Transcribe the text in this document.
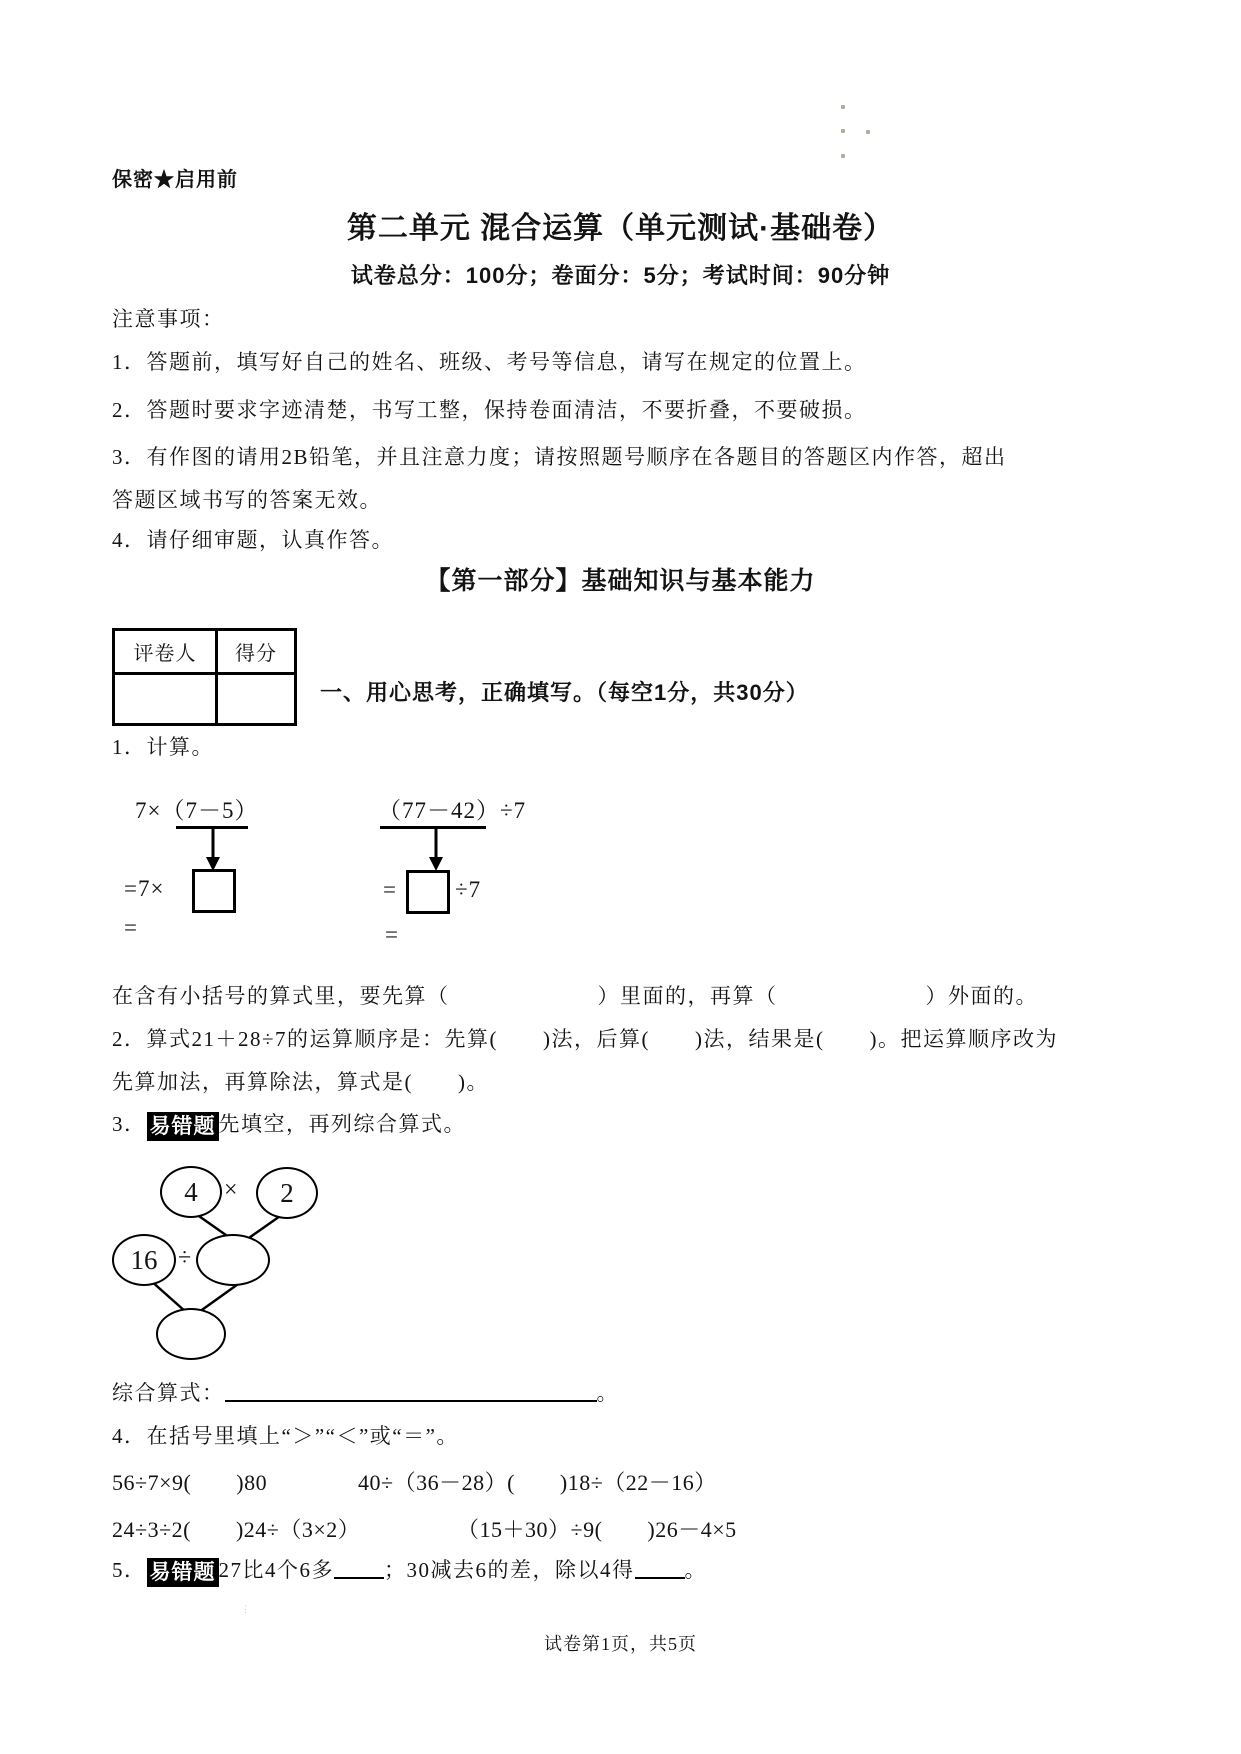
保密★启用前
第二单元 混合运算（单元测试·基础卷）
试卷总分：100分；卷面分：5分；考试时间：90分钟
注意事项：
1．答题前，填写好自己的姓名、班级、考号等信息，请写在规定的位置上。
2．答题时要求字迹清楚，书写工整，保持卷面清洁，不要折叠，不要破损。
3．有作图的请用2B铅笔，并且注意力度；请按照题号顺序在各题目的答题区内作答，超出
答题区域书写的答案无效。
4．请仔细审题，认真作答。
【第一部分】基础知识与基本能力
评卷人	得分

一、用心思考，正确填写。（每空1分，共30分）
1．计算。
7×（7－5）
=7×
=
（77－42）÷7
=	÷7
=
在含有小括号的算式里，要先算（	）里面的，再算（	）外面的。
2．算式21＋28÷7的运算顺序是：先算(　　)法，后算(　　)法，结果是(　　)。把运算顺序改为
先算加法，再算除法，算式是(　　)。
3． 易错题 先填空，再列综合算式。
4	×	2
16 ÷
综合算式：	。
4．在括号里填上“＞”“＜”或“＝”。
56÷7×9(　　)80	40÷（36－28）(　　)18÷（22－16）
24÷3÷2(　　)24÷（3×2）	（15＋30）÷9(　　)26－4×5
5． 易错题 27比4个6多 ；30减去6的差，除以4得 。
试卷第1页，共5页
⋮
